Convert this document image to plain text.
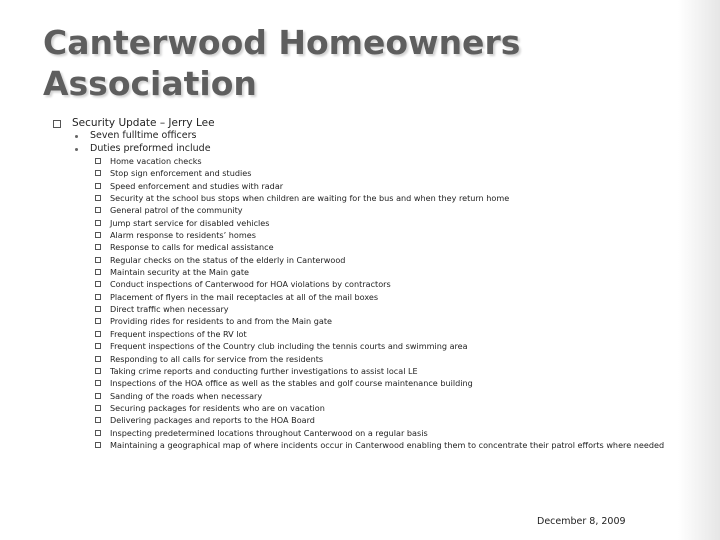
Canterwood Homeowners Association
Security Update – Jerry Lee
Seven fulltime officers
Duties preformed include
Home vacation checks
Stop sign enforcement and studies
Speed enforcement and studies with radar
Security at the school bus stops when children are waiting for the bus and when they return home
General patrol of the community
Jump start service for disabled vehicles
Alarm response to residents’ homes
Response to calls for medical assistance
Regular checks on the status of the elderly in Canterwood
Maintain security at the Main gate
Conduct inspections of Canterwood for HOA violations by contractors
Placement of flyers in the mail receptacles at all of the mail boxes
Direct traffic when necessary
Providing rides for residents to and from the Main gate
Frequent inspections of the RV lot
Frequent inspections of the Country club including the tennis courts and swimming area
Responding to all calls for service from the residents
Taking crime reports and conducting further investigations to assist local LE
Inspections of the HOA office as well as the stables and golf course maintenance building
Sanding of the roads when necessary
Securing packages for residents who are on vacation
Delivering packages and reports to the HOA Board
Inspecting predetermined locations throughout Canterwood on a regular basis
Maintaining a geographical map of where incidents occur in Canterwood enabling them to concentrate their patrol efforts where needed
December 8, 2009
